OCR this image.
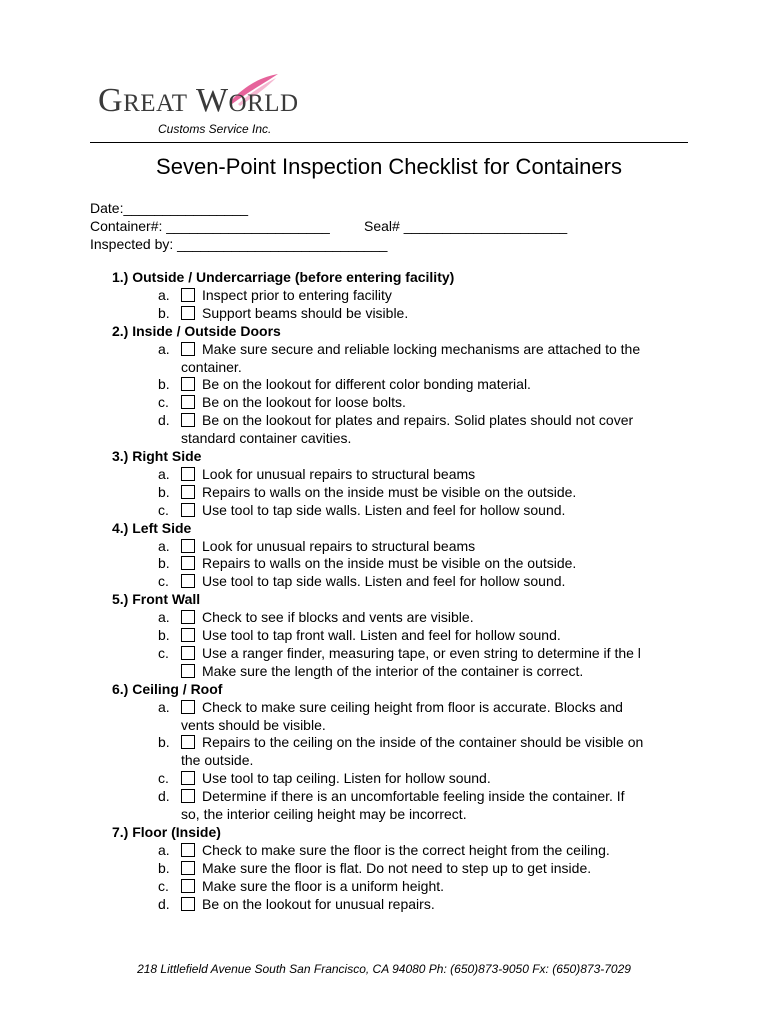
GREAT WORLD
Customs Service Inc.
Seven-Point Inspection Checklist for Containers
Date:________________
Container#: _____________________ Seal# _____________________
Inspected by: ___________________________
1.) Outside / Undercarriage (before entering facility)
a. Inspect prior to entering facility
b. Support beams should be visible.
2.) Inside / Outside Doors
a. Make sure secure and reliable locking mechanisms are attached to the
container.
b. Be on the lookout for different color bonding material.
c. Be on the lookout for loose bolts.
d. Be on the lookout for plates and repairs. Solid plates should not cover
standard container cavities.
3.) Right Side
a. Look for unusual repairs to structural beams
b. Repairs to walls on the inside must be visible on the outside.
c. Use tool to tap side walls. Listen and feel for hollow sound.
4.) Left Side
a. Look for unusual repairs to structural beams
b. Repairs to walls on the inside must be visible on the outside.
c. Use tool to tap side walls. Listen and feel for hollow sound.
5.) Front Wall
a. Check to see if blocks and vents are visible.
b. Use tool to tap front wall. Listen and feel for hollow sound.
c. Use a ranger finder, measuring tape, or even string to determine if the l
Make sure the length of the interior of the container is correct.
6.) Ceiling / Roof
a. Check to make sure ceiling height from floor is accurate. Blocks and
vents should be visible.
b. Repairs to the ceiling on the inside of the container should be visible on
the outside.
c. Use tool to tap ceiling. Listen for hollow sound.
d. Determine if there is an uncomfortable feeling inside the container. If
so, the interior ceiling height may be incorrect.
7.) Floor (Inside)
a. Check to make sure the floor is the correct height from the ceiling.
b. Make sure the floor is flat. Do not need to step up to get inside.
c. Make sure the floor is a uniform height.
d. Be on the lookout for unusual repairs.
218 Littlefield Avenue South San Francisco, CA 94080 Ph: (650)873-9050 Fx: (650)873-7029
